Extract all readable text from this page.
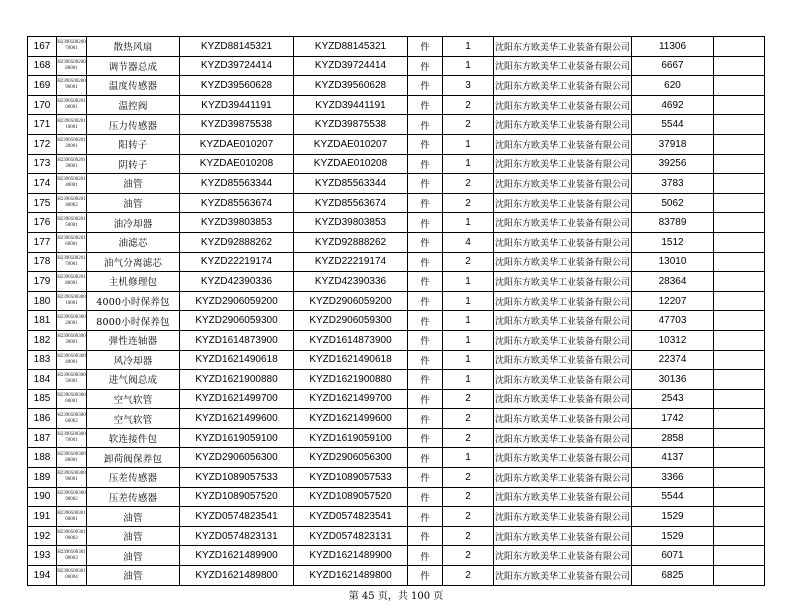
167	H239050020070001	散热风扇	KYZD88145321	KYZD88145321	件	1	沈阳东方欧美华工业装备有限公司	11306	
168	H239050020080001	调节器总成	KYZD39724414	KYZD39724414	件	1	沈阳东方欧美华工业装备有限公司	6667	
169	H239050020090001	温度传感器	KYZD39560628	KYZD39560628	件	3	沈阳东方欧美华工业装备有限公司	620	
170	H239050020100001	温控阀	KYZD39441191	KYZD39441191	件	2	沈阳东方欧美华工业装备有限公司	4692	
171	H239050020110001	压力传感器	KYZD39875538	KYZD39875538	件	2	沈阳东方欧美华工业装备有限公司	5544	
172	H239050020120001	阳转子	KYZDAE010207	KYZDAE010207	件	1	沈阳东方欧美华工业装备有限公司	37918	
173	H239050020130001	阴转子	KYZDAE010208	KYZDAE010208	件	1	沈阳东方欧美华工业装备有限公司	39256	
174	H239050020140001	油管	KYZD85563344	KYZD85563344	件	2	沈阳东方欧美华工业装备有限公司	3783	
175	H239050020140002	油管	KYZD85563674	KYZD85563674	件	2	沈阳东方欧美华工业装备有限公司	5062	
176	H239050020150001	油冷却器	KYZD39803853	KYZD39803853	件	1	沈阳东方欧美华工业装备有限公司	83789	
177	H239050020160001	油滤芯	KYZD92888262	KYZD92888262	件	4	沈阳东方欧美华工业装备有限公司	1512	
178	H239050020170001	油气分离滤芯	KYZD22219174	KYZD22219174	件	2	沈阳东方欧美华工业装备有限公司	13010	
179	H239050020180001	主机修理包	KYZD42390336	KYZD42390336	件	1	沈阳东方欧美华工业装备有限公司	28364	
180	H239050030010001	4000小时保养包	KYZD2906059200	KYZD2906059200	件	1	沈阳东方欧美华工业装备有限公司	12207	
181	H239050030020001	8000小时保养包	KYZD2906059300	KYZD2906059300	件	1	沈阳东方欧美华工业装备有限公司	47703	
182	H239050030030001	弹性连轴器	KYZD1614873900	KYZD1614873900	件	1	沈阳东方欧美华工业装备有限公司	10312	
183	H239050030040001	风冷却器	KYZD1621490618	KYZD1621490618	件	1	沈阳东方欧美华工业装备有限公司	22374	
184	H239050030050001	进气阀总成	KYZD1621900880	KYZD1621900880	件	1	沈阳东方欧美华工业装备有限公司	30136	
185	H239050030060001	空气软管	KYZD1621499700	KYZD1621499700	件	2	沈阳东方欧美华工业装备有限公司	2543	
186	H239050030060002	空气软管	KYZD1621499600	KYZD1621499600	件	2	沈阳东方欧美华工业装备有限公司	1742	
187	H239050030070001	软连接件包	KYZD1619059100	KYZD1619059100	件	2	沈阳东方欧美华工业装备有限公司	2858	
188	H239050030080001	卸荷阀保养包	KYZD2906056300	KYZD2906056300	件	1	沈阳东方欧美华工业装备有限公司	4137	
189	H239050030090001	压差传感器	KYZD1089057533	KYZD1089057533	件	2	沈阳东方欧美华工业装备有限公司	3366	
190	H239050030090002	压差传感器	KYZD1089057520	KYZD1089057520	件	2	沈阳东方欧美华工业装备有限公司	5544	
191	H239050030100001	油管	KYZD0574823541	KYZD0574823541	件	2	沈阳东方欧美华工业装备有限公司	1529	
192	H239050030100002	油管	KYZD0574823131	KYZD0574823131	件	2	沈阳东方欧美华工业装备有限公司	1529	
193	H239050030100003	油管	KYZD1621489900	KYZD1621489900	件	2	沈阳东方欧美华工业装备有限公司	6071	
194	H239050030100004	油管	KYZD1621489800	KYZD1621489800	件	2	沈阳东方欧美华工业装备有限公司	6825	
第 45 页，共 100 页
